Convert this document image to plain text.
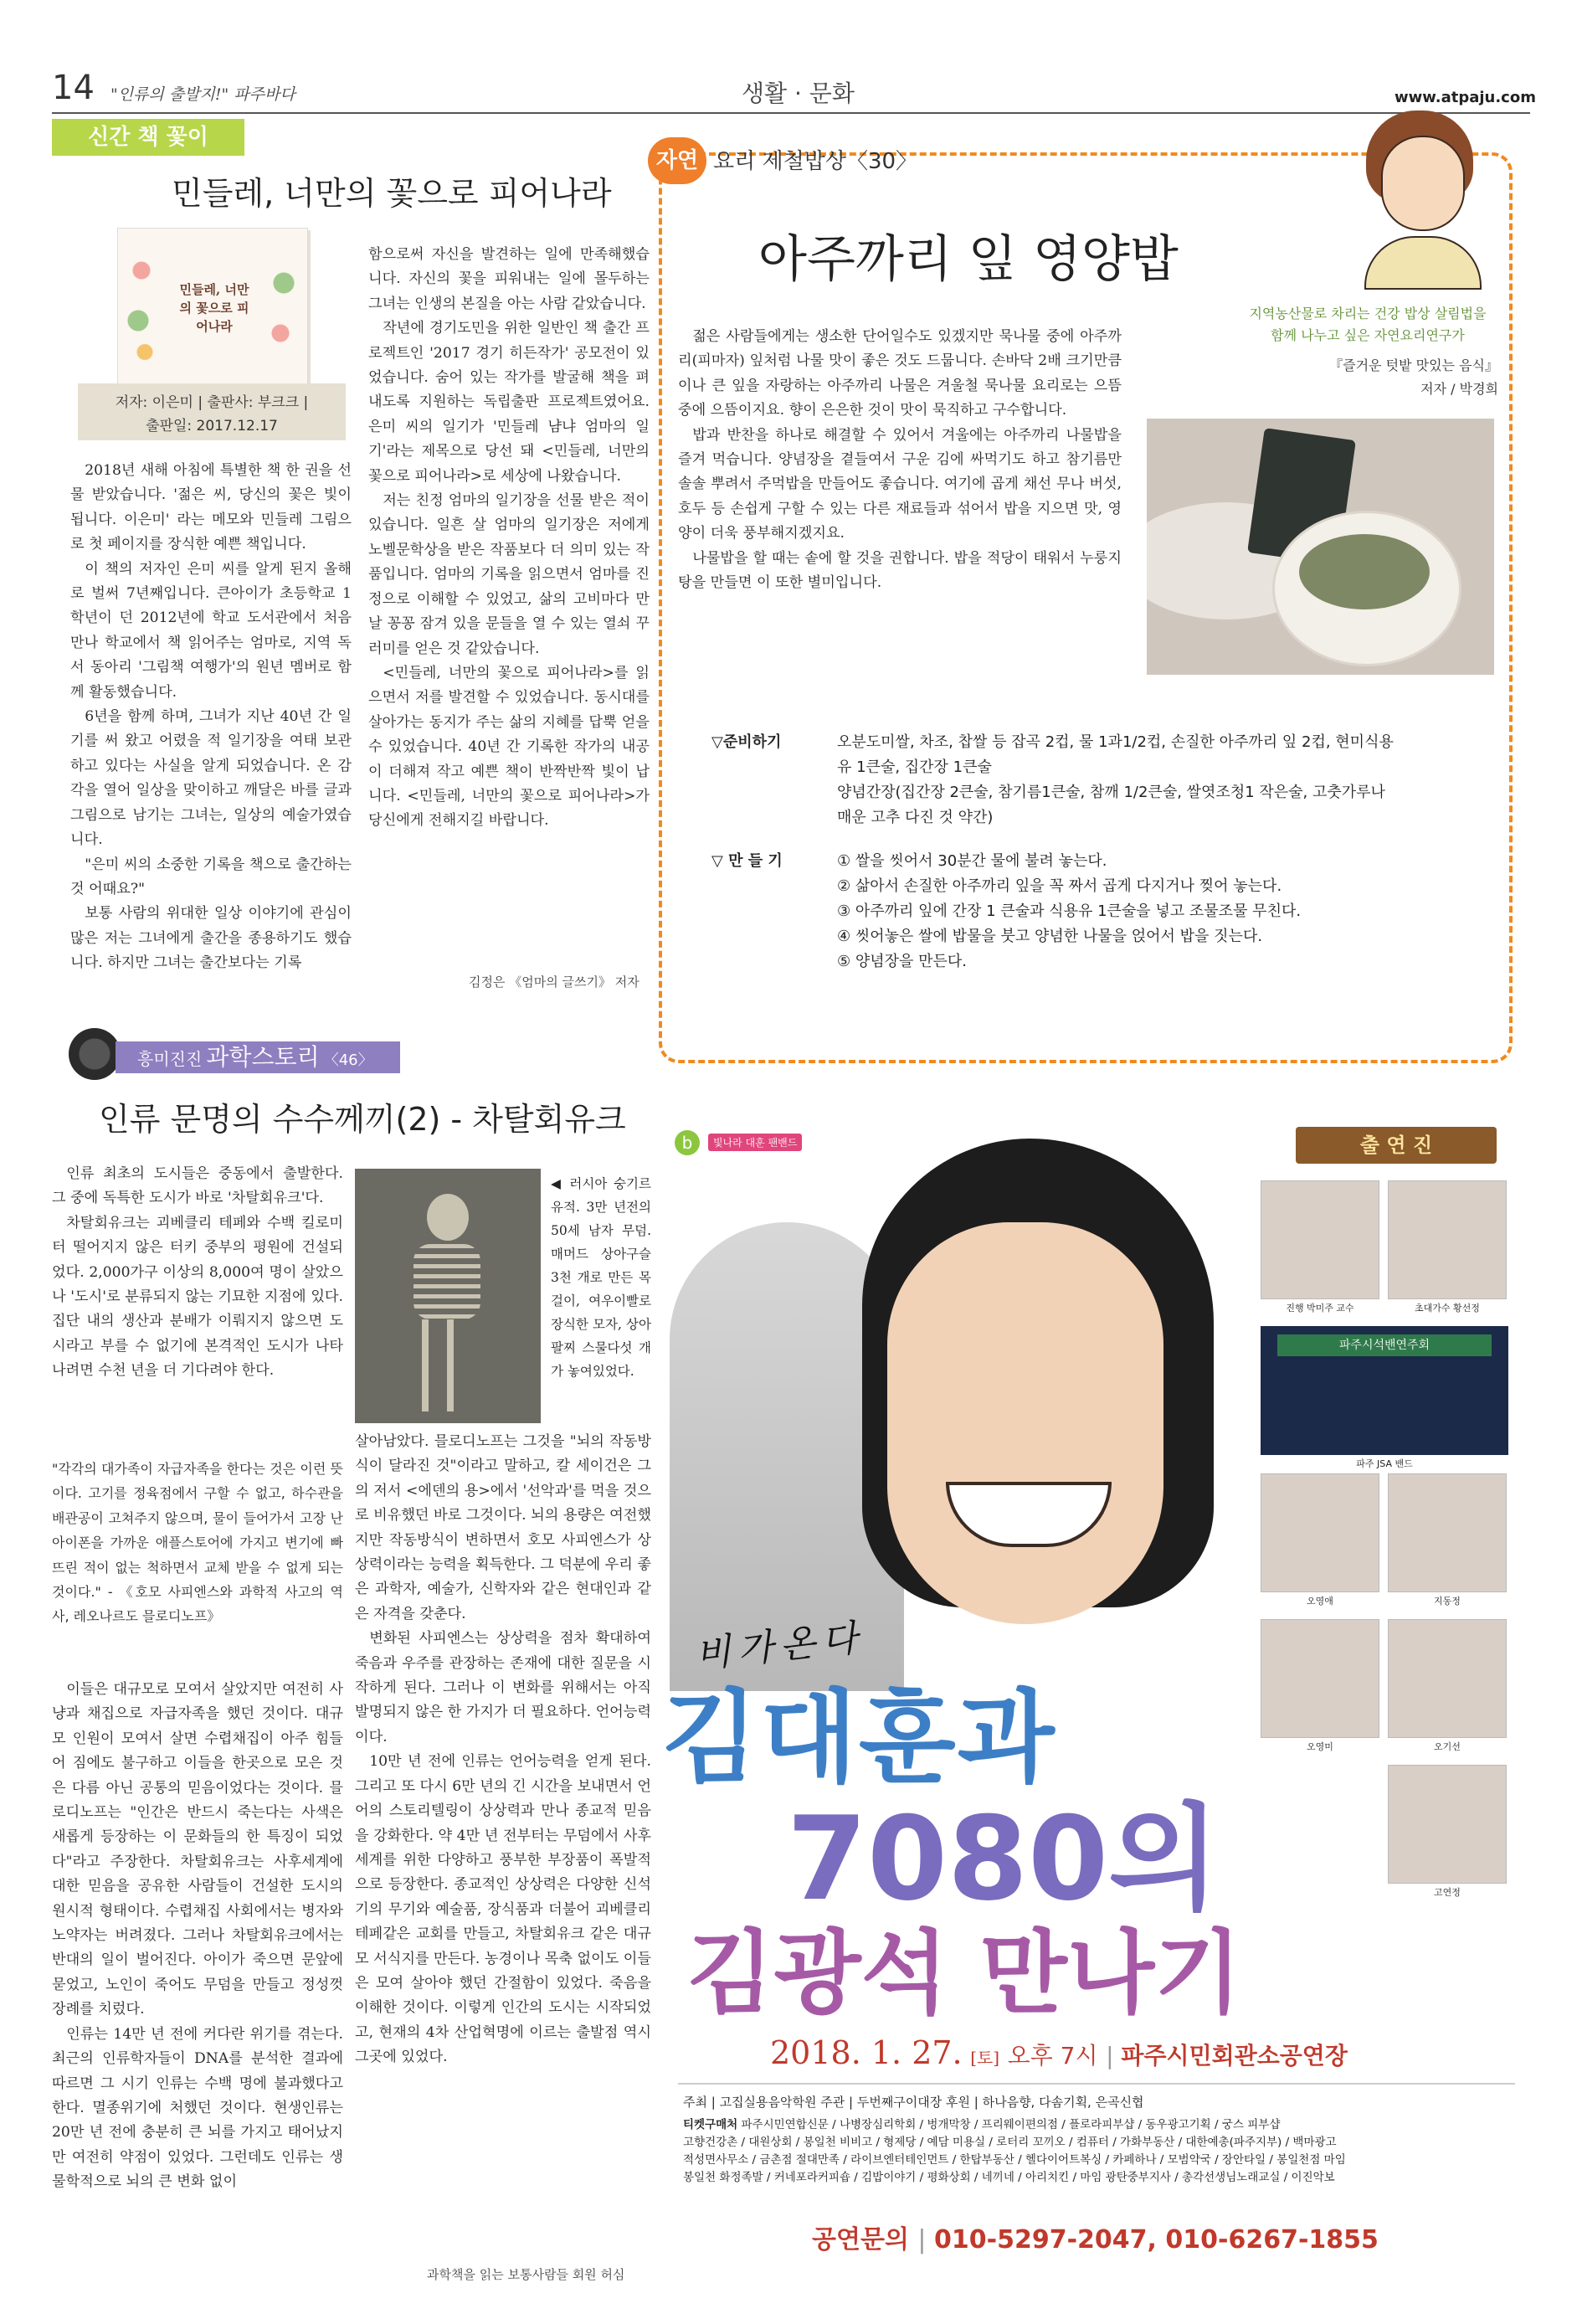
14 "인류의 출발지!" 파주바다	생활 · 문화	www.atpaju.com
신간 책 꽃이
민들레, 너만의 꽃으로 피어나라
민들레, 너만의 꽃으로 피어나라
저자: 이은미 | 출판사: 부크크 |
출판일: 2017.12.17

2018년 새해 아침에 특별한 책 한 권을 선물 받았습니다. '젊은 씨, 당신의 꽃은 빛이 됩니다. 이은미' 라는 메모와 민들레 그림으로 첫 페이지를 장식한 예쁜 책입니다.

이 책의 저자인 은미 씨를 알게 된지 올해로 벌써 7년째입니다. 큰아이가 초등학교 1학년이 던 2012년에 학교 도서관에서 처음 만나 학교에서 책 읽어주는 엄마로, 지역 독서 동아리 '그림책 여행가'의 원년 멤버로 함께 활동했습니다.

6년을 함께 하며, 그녀가 지난 40년 간 일기를 써 왔고 어렸을 적 일기장을 여태 보관하고 있다는 사실을 알게 되었습니다. 온 감각을 열어 일상을 맞이하고 깨달은 바를 글과 그림으로 남기는 그녀는, 일상의 예술가였습니다.

"은미 씨의 소중한 기록을 책으로 출간하는 것 어때요?"

보통 사람의 위대한 일상 이야기에 관심이 많은 저는 그녀에게 출간을 종용하기도 했습니다. 하지만 그녀는 출간보다는 기록

함으로써 자신을 발견하는 일에 만족해했습니다. 자신의 꽃을 피워내는 일에 몰두하는 그녀는 인생의 본질을 아는 사람 같았습니다.

작년에 경기도민을 위한 일반인 책 출간 프로젝트인 '2017 경기 히든작가' 공모전이 있었습니다. 숨어 있는 작가를 발굴해 책을 펴내도록 지원하는 독립출판 프로젝트였어요. 은미 씨의 일기가 '민들레 냠냐 엄마의 일기'라는 제목으로 당선 돼 <민들레, 너만의 꽃으로 피어나라>로 세상에 나왔습니다.

저는 친정 엄마의 일기장을 선물 받은 적이 있습니다. 일흔 살 엄마의 일기장은 저에게 노벨문학상을 받은 작품보다 더 의미 있는 작품입니다. 엄마의 기록을 읽으면서 엄마를 진정으로 이해할 수 있었고, 삶의 고비마다 만날 꽁꽁 잠겨 있을 문들을 열 수 있는 열쇠 꾸러미를 얻은 것 같았습니다.

<민들레, 너만의 꽃으로 피어나라>를 읽으면서 저를 발견할 수 있었습니다. 동시대를 살아가는 동지가 주는 삶의 지혜를 답뿍 얻을 수 있었습니다. 40년 간 기록한 작가의 내공이 더해져 작고 예쁜 책이 반짝반짝 빛이 납니다. <민들레, 너만의 꽃으로 피어나라>가 당신에게 전해지길 바랍니다.

김정은 《엄마의 글쓰기》 저자
자연 요리 제철밥상〈30〉
아주까리 잎 영양밥
지역농산물로 차리는 건강 밥상 살림법을
함께 나누고 싶은 자연요리연구가
『즐거운 텃밭 맛있는 음식』
저자 / 박경희

젊은 사람들에게는 생소한 단어일수도 있겠지만 묵나물 중에 아주까리(피마자) 잎처럼 나물 맛이 좋은 것도 드뭅니다. 손바닥 2배 크기만큼이나 큰 잎을 자랑하는 아주까리 나물은 겨울철 묵나물 요리로는 으뜸 중에 으뜸이지요. 향이 은은한 것이 맛이 묵직하고 구수합니다.

밥과 반찬을 하나로 해결할 수 있어서 겨울에는 아주까리 나물밥을 즐겨 먹습니다. 양념장을 곁들여서 구운 김에 싸먹기도 하고 참기름만 솔솔 뿌려서 주먹밥을 만들어도 좋습니다. 여기에 곱게 채선 무나 버섯, 호두 등 손쉽게 구할 수 있는 다른 재료들과 섞어서 밥을 지으면 맛, 영양이 더욱 풍부해지겠지요.

나물밥을 할 때는 솥에 할 것을 권합니다. 밥을 적당이 태워서 누룽지탕을 만들면 이 또한 별미입니다.

▽준비하기	오분도미쌀, 차조, 찹쌀 등 잡곡 2컵, 물 1과1/2컵, 손질한 아주까리 잎 2컵, 현미식용
유 1큰술, 집간장 1큰술
양념간장(집간장 2큰술, 참기름1큰술, 참깨 1/2큰술, 쌀엿조청1 작은술, 고춧가루나
매운 고추 다진 것 약간)
▽ 만 들 기	① 쌀을 씻어서 30분간 물에 불려 놓는다.
② 삶아서 손질한 아주까리 잎을 꼭 짜서 곱게 다지거나 찢어 놓는다.
③ 아주까리 잎에 간장 1 큰술과 식용유 1큰술을 넣고 조물조물 무친다.
④ 씻어놓은 쌀에 밥물을 붓고 양념한 나물을 얹어서 밥을 짓는다.
⑤ 양념장을 만든다.
흥미진진 과학스토리 〈46〉
인류 문명의 수수께끼(2) - 차탈회유크
◀ 러시아 숭기르 유적. 3만 년전의 50세 남자 무덤. 매머드 상아구슬 3천 개로 만든 목걸이, 여우이빨로 장식한 모자, 상아 팔찌 스물다섯 개가 놓여있었다.

인류 최초의 도시들은 중동에서 출발한다. 그 중에 독특한 도시가 바로 '차탈회유크'다.

차탈회유크는 괴베클리 테페와 수백 킬로미터 떨어지지 않은 터키 중부의 평원에 건설되었다. 2,000가구 이상의 8,000여 명이 살았으나 '도시'로 분류되지 않는 기묘한 지점에 있다. 집단 내의 생산과 분배가 이뤄지지 않으면 도시라고 부를 수 없기에 본격적인 도시가 나타나려면 수천 년을 더 기다려야 한다.

"각각의 대가족이 자급자족을 한다는 것은 이런 뜻이다. 고기를 정육점에서 구할 수 없고, 하수관을 배관공이 고쳐주지 않으며, 물이 들어가서 고장 난 아이폰을 가까운 애플스토어에 가지고 변기에 빠뜨린 적이 없는 척하면서 교체 받을 수 없게 되는 것이다." - 《호모 사피엔스와 과학적 사고의 역사, 레오나르도 믈로디노프》

이들은 대규모로 모여서 살았지만 여전히 사냥과 채집으로 자급자족을 했던 것이다. 대규모 인원이 모여서 살면 수렵채집이 아주 힘들어 짐에도 불구하고 이들을 한곳으로 모은 것은 다름 아닌 공통의 믿음이었다는 것이다. 믈로디노프는 "인간은 반드시 죽는다는 사색은 새롭게 등장하는 이 문화들의 한 특징이 되었다"라고 주장한다. 차탈회유크는 사후세계에 대한 믿음을 공유한 사람들이 건설한 도시의 원시적 형태이다. 수렵채집 사회에서는 병자와 노약자는 버려졌다. 그러나 차탈회유크에서는 반대의 일이 벌어진다. 아이가 죽으면 문앞에 묻었고, 노인이 죽어도 무덤을 만들고 정성껏 장례를 치렀다.

인류는 14만 년 전에 커다란 위기를 겪는다. 최근의 인류학자들이 DNA를 분석한 결과에 따르면 그 시기 인류는 수백 명에 불과했다고 한다. 멸종위기에 처했던 것이다. 현생인류는 20만 년 전에 충분히 큰 뇌를 가지고 태어났지만 여전히 약점이 있었다. 그런데도 인류는 생물학적으로 뇌의 큰 변화 없이

살아남았다. 믈로디노프는 그것을 "뇌의 작동방식이 달라진 것"이라고 말하고, 칼 세이건은 그의 저서 <에덴의 용>에서 '선악과'를 먹을 것으로 비유했던 바로 그것이다. 뇌의 용량은 여전했지만 작동방식이 변하면서 호모 사피엔스가 상상력이라는 능력을 획득한다. 그 덕분에 우리 좋은 과학자, 예술가, 신학자와 같은 현대인과 같은 자격을 갖춘다.

변화된 사피엔스는 상상력을 점차 확대하여 죽음과 우주를 관장하는 존재에 대한 질문을 시작하게 된다. 그러나 이 변화를 위해서는 아직 발명되지 않은 한 가지가 더 필요하다. 언어능력이다.

10만 년 전에 인류는 언어능력을 얻게 된다. 그리고 또 다시 6만 년의 긴 시간을 보내면서 언어의 스토리텔링이 상상력과 만나 종교적 믿음을 강화한다. 약 4만 년 전부터는 무덤에서 사후 세계를 위한 다양하고 풍부한 부장품이 폭발적으로 등장한다. 종교적인 상상력은 다양한 신석기의 무기와 예술품, 장식품과 더불어 괴베클리 테페같은 교회를 만들고, 차탈회유크 같은 대규모 서식지를 만든다. 농경이나 목축 없이도 이들은 모여 살아야 했던 간절함이 있었다. 죽음을 이해한 것이다. 이렇게 인간의 도시는 시작되었고, 현재의 4차 산업혁명에 이르는 출발점 역시 그곳에 있었다.

과학책을 읽는 보통사람들 회원 허심
b	빛나라 대훈 팬밴드	출 연 진
진행 박미주 교수	초대가수 황선정
파주시석밴연주회
파주 JSA 밴드
오영애	지동정
오영미	오기선
고연정
비가온다
김대훈과
7080의
김광석 만나기
2018. 1. 27. [토] 오후 7시 | 파주시민회관소공연장
주최 | 고집실용음악학원 주관 | 두번째구이대장 후원 | 하나음향, 다솜기획, 은곡신협
티켓구매처 파주시민연합신문 / 나병장심리학회 / 벙개막창 / 프리웨이편의점 / 플로라피부샵 / 동우광고기획 / 궁스 피부샵
고향건강촌 / 대원상회 / 봉일천 비비고 / 형제당 / 예담 미용실 / 로터리 꼬끼오 / 컴퓨터 / 가화부동산 / 대한예총(파주지부) / 백마광고
적성면사무소 / 금촌점 절대만족 / 라이브엔터테인먼트 / 한탑부동산 / 헬다이어트복싱 / 카페하나 / 모범약국 / 장안타일 / 봉일천점 마임
봉일천 화정족발 / 커네포라커피숍 / 김밥이야기 / 평화상회 / 네끼네 / 아리치킨 / 마임 광탄중부지사 / 총각선생님노래교실 / 이진악보
공연문의 | 010-5297-2047, 010-6267-1855
